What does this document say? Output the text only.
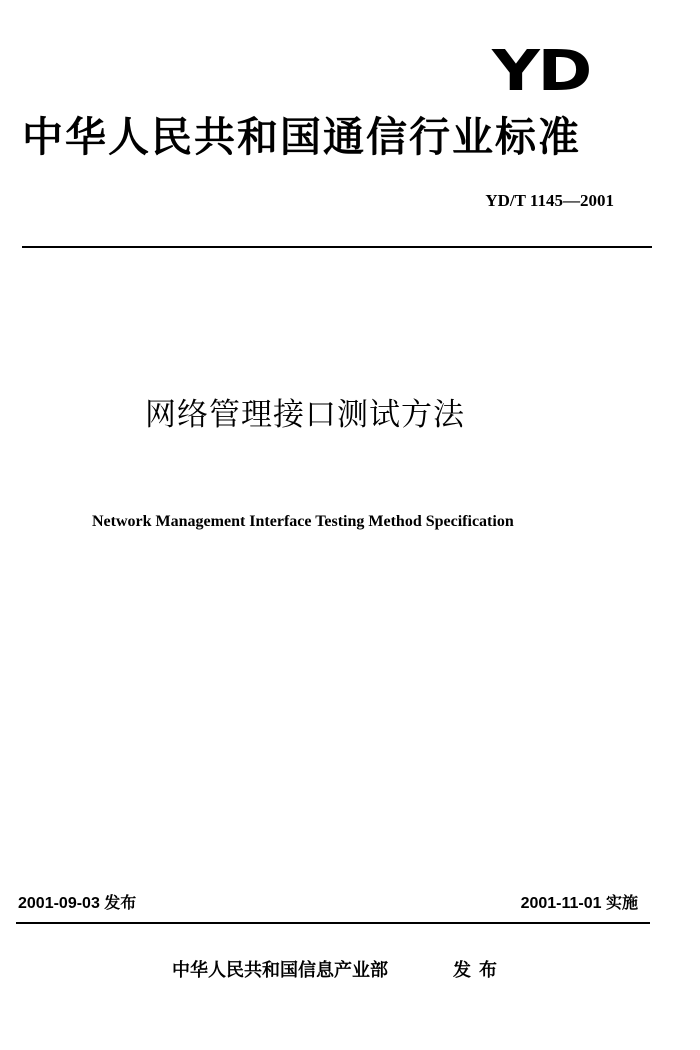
YD
中华人民共和国通信行业标准
YD/T 1145—2001
网络管理接口测试方法
Network Management Interface Testing Method Specification
2001-09-03 发布	2001-11-01 实施
中华人民共和国信息产业部	发布
